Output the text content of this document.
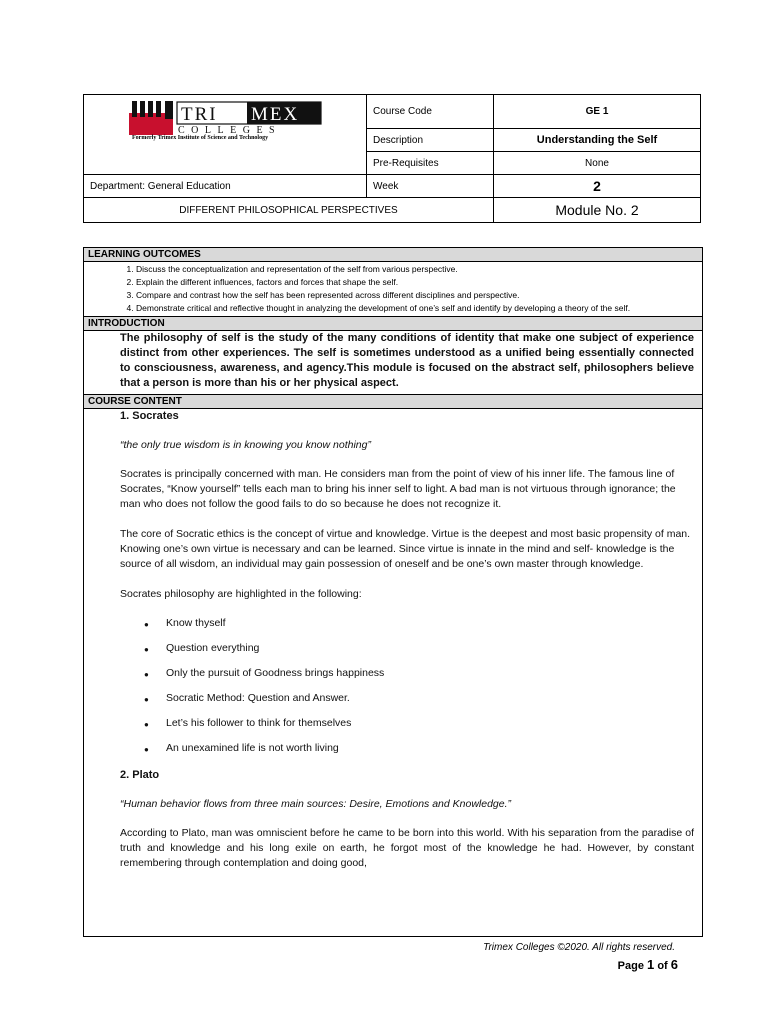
TRI MEX
COLLEGES
Formerly Trimex Institute of Science and Technology	Course Code	GE 1
	Description	Understanding the Self
	Pre-Requisites	None
Department: General Education	Week	2
DIFFERENT PHILOSOPHICAL PERSPECTIVES		Module No. 2
LEARNING OUTCOMES
1. Discuss the conceptualization and representation of the self from various perspective.
2. Explain the different influences, factors and forces that shape the self.
3. Compare and contrast how the self has been represented across different disciplines and perspective.
4. Demonstrate critical and reflective thought in analyzing the development of one’s self and identify by developing a theory of the self.
INTRODUCTION
The philosophy of self is the study of the many conditions of identity that make one subject of experience distinct from other experiences. The self is sometimes understood as a unified being essentially connected to consciousness, awareness, and agency.This module is focused on the abstract self, philosophers believe that a person is more than his or her physical aspect.
COURSE CONTENT
1. Socrates
“the only true wisdom is in knowing you know nothing”

Socrates is principally concerned with man. He considers man from the point of view of his inner life. The famous line of Socrates, “Know yourself” tells each man to bring his inner self to light. A bad man is not virtuous through ignorance; the man who does not follow the good fails to do so because he does not recognize it.

The core of Socratic ethics is the concept of virtue and knowledge. Virtue is the deepest and most basic propensity of man. Knowing one’s own virtue is necessary and can be learned. Since virtue is innate in the mind and self- knowledge is the source of all wisdom, an individual may gain possession of oneself and be one’s own master through knowledge.

Socrates philosophy are highlighted in the following:

● Know thyself
● Question everything
● Only the pursuit of Goodness brings happiness
● Socratic Method: Question and Answer.
● Let’s his follower to think for themselves
● An unexamined life is not worth living
2. Plato
“Human behavior flows from three main sources: Desire, Emotions and Knowledge.”

According to Plato, man was omniscient before he came to be born into this world. With his separation from the paradise of truth and knowledge and his long exile on earth, he forgot most of the knowledge he had. However, by constant remembering through contemplation and doing good,

Trimex Colleges ©2020. All rights reserved.
Page 1 of 6
